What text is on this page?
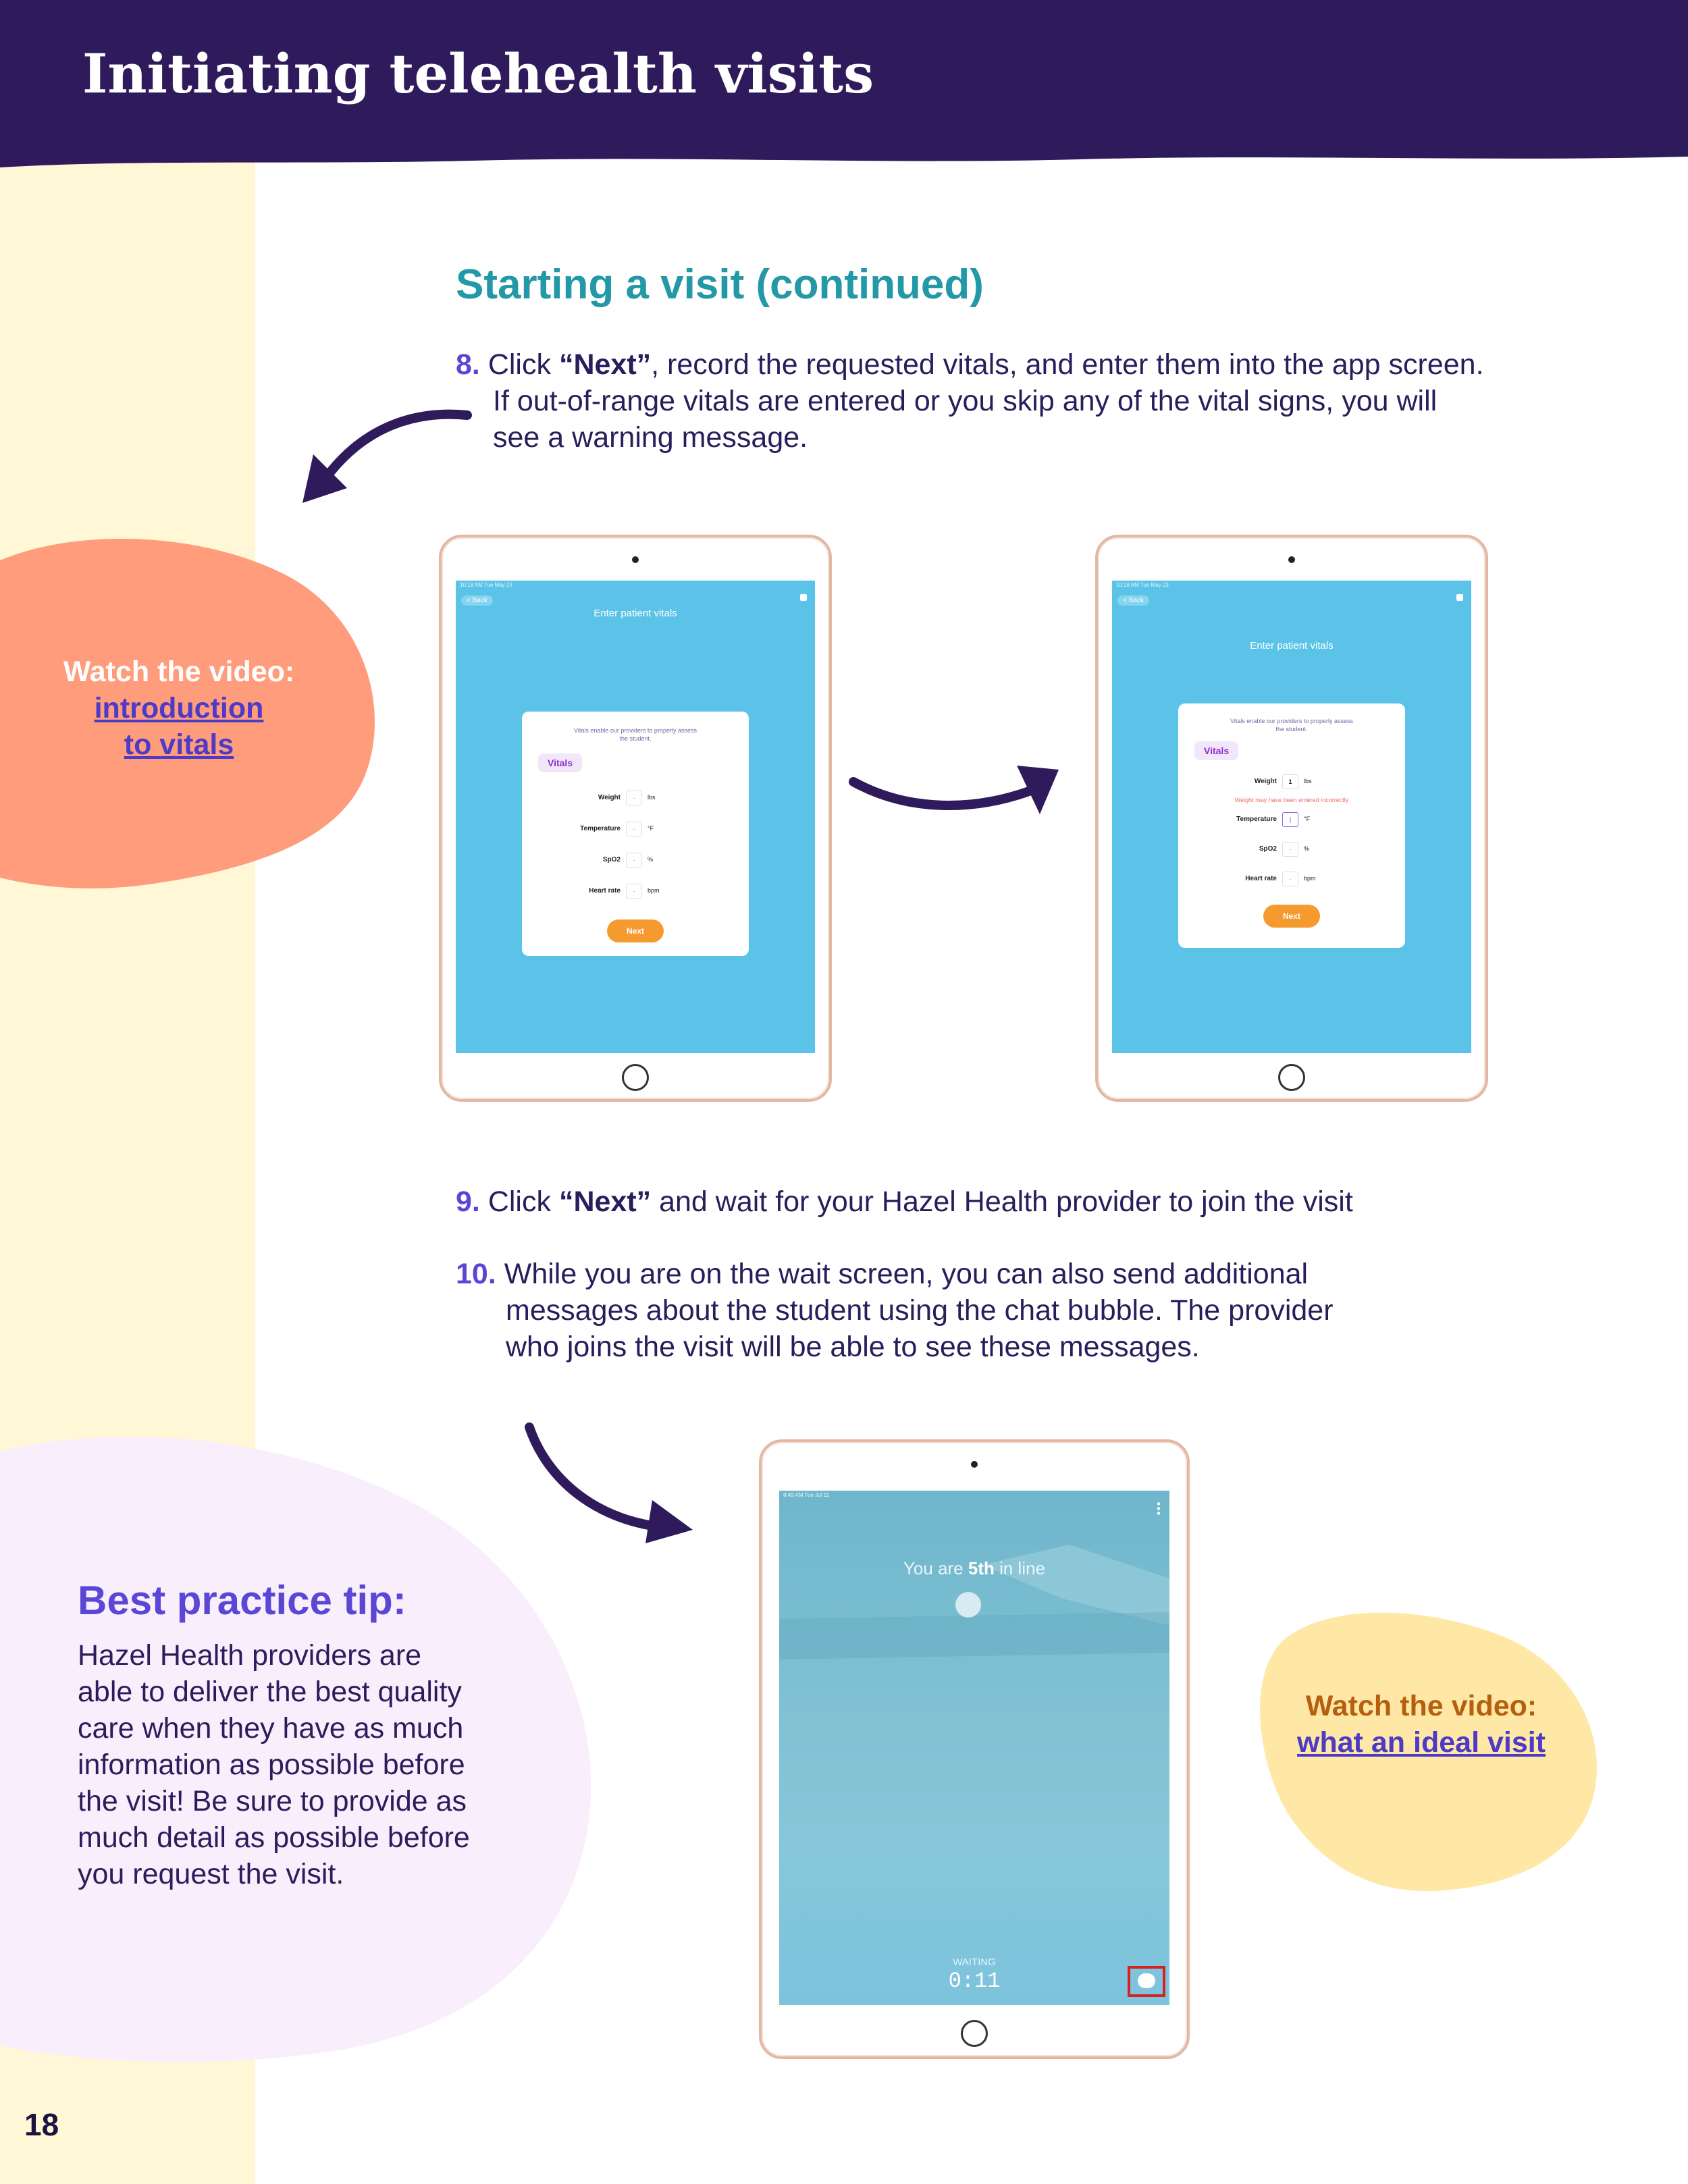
Initiating telehealth visits
Starting a visit (continued)
8. Click “Next”, record the requested vitals, and enter them into the app screen.
If out-of-range vitals are entered or you skip any of the vital signs, you will
see a warning message.
Watch the video:
introduction
to vitals
10:18 AM Tue May 23
< Back
Enter patient vitals
Vitals enable our providers to properly assess
the student.
Vitals
Weight	-	lbs
Temperature	-	°F
SpO2	-	%
Heart rate	-	bpm
Next
10:18 AM Tue May 23
< Back
Enter patient vitals
Vitals enable our providers to properly assess
the student.
Vitals
Weight	1	lbs
Weight may have been entered incorrectly
Temperature	|	°F
SpO2	-	%
Heart rate	-	bpm
Next
9. Click “Next” and wait for your Hazel Health provider to join the visit
10. While you are on the wait screen, you can also send additional
messages about the student using the chat bubble. The provider
who joins the visit will be able to see these messages.
8:49 AM Tue Jul 11
You are 5th in line
WAITING
0:11
Best practice tip:
Hazel Health providers are
able to deliver the best quality
care when they have as much
information as possible before
the visit! Be sure to provide as
much detail as possible before
you request the visit.
Watch the video:
what an ideal visit
18
